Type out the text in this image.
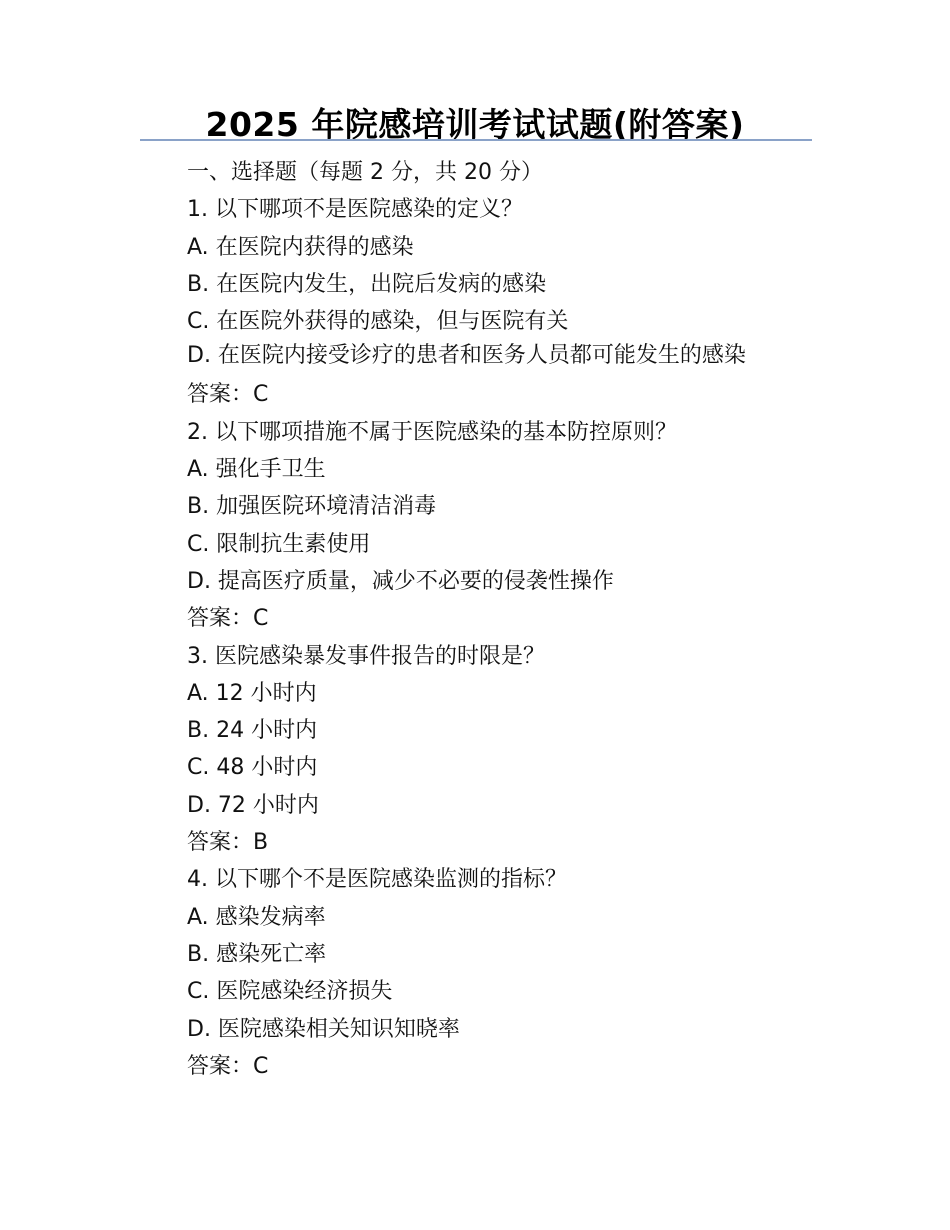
2025 年院感培训考试试题(附答案)
一、选择题（每题 2 分，共 20 分）
1. 以下哪项不是医院感染的定义？
A. 在医院内获得的感染
B. 在医院内发生，出院后发病的感染
C. 在医院外获得的感染，但与医院有关
D. 在医院内接受诊疗的患者和医务人员都可能发生的感染
答案：C
2. 以下哪项措施不属于医院感染的基本防控原则？
A. 强化手卫生
B. 加强医院环境清洁消毒
C. 限制抗生素使用
D. 提高医疗质量，减少不必要的侵袭性操作
答案：C
3. 医院感染暴发事件报告的时限是？
A. 12 小时内
B. 24 小时内
C. 48 小时内
D. 72 小时内
答案：B
4. 以下哪个不是医院感染监测的指标？
A. 感染发病率
B. 感染死亡率
C. 医院感染经济损失
D. 医院感染相关知识知晓率
答案：C
